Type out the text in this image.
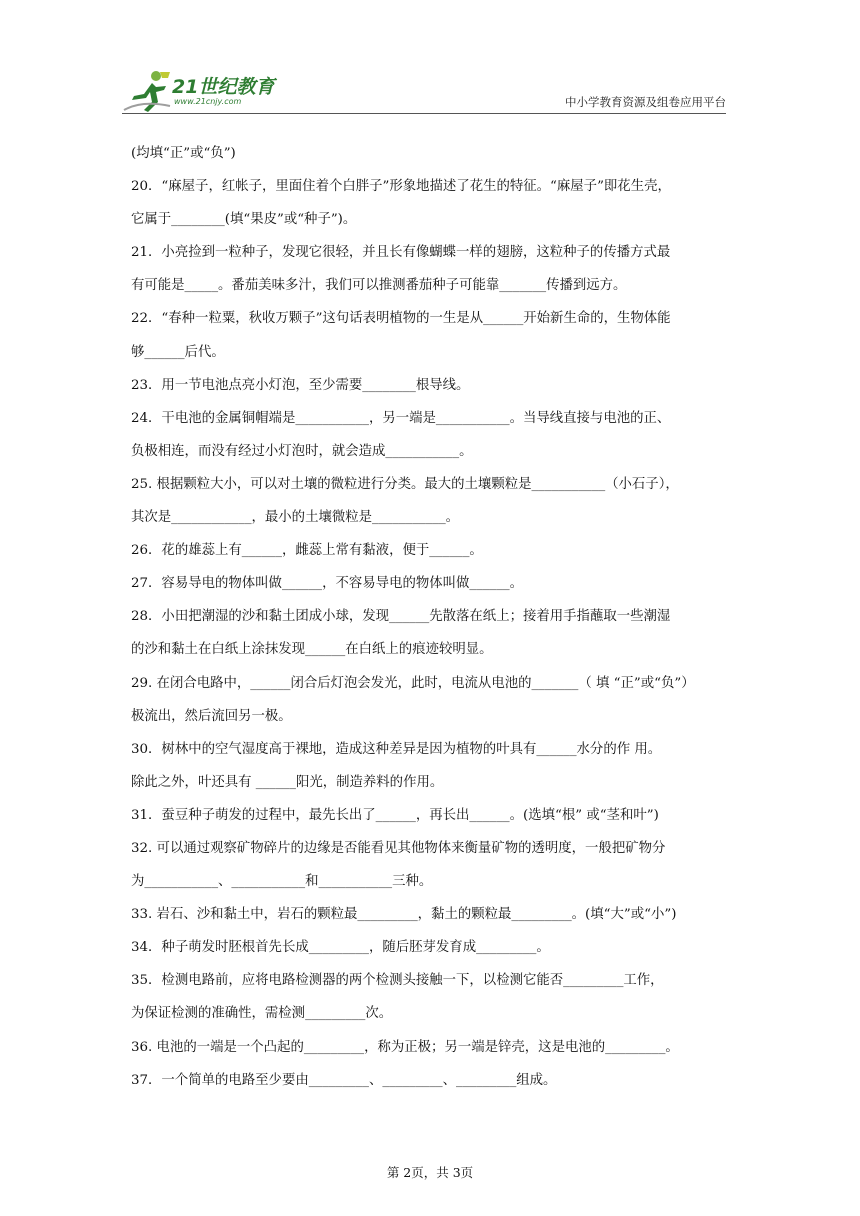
21世纪教育
www.21cnjy.com	中小学教育资源及组卷应用平台
(均填“正”或“负”)
20．“麻屋子，红帐子，里面住着个白胖子”形象地描述了花生的特征。“麻屋子”即花生壳，
它属于________(填“果皮”或“种子”)。
21．小亮捡到一粒种子，发现它很轻，并且长有像蝴蝶一样的翅膀，这粒种子的传播方式最
有可能是_____。番茄美味多汁，我们可以推测番茄种子可能靠_______传播到远方。
22．“春种一粒粟，秋收万颗子”这句话表明植物的一生是从______开始新生命的，生物体能
够______后代。
23．用一节电池点亮小灯泡，至少需要________根导线。
24．干电池的金属铜帽端是___________，另一端是___________。当导线直接与电池的正、
负极相连，而没有经过小灯泡时，就会造成___________。
25. 根据颗粒大小，可以对土壤的微粒进行分类。最大的土壤颗粒是___________（小石子），
其次是____________，最小的土壤微粒是___________。
26．花的雄蕊上有______，雌蕊上常有黏液，便于______。
27．容易导电的物体叫做______，不容易导电的物体叫做______。
28．小田把潮湿的沙和黏土团成小球，发现______先散落在纸上；接着用手指蘸取一些潮湿
的沙和黏土在白纸上涂抹发现______在白纸上的痕迹较明显。
29. 在闭合电路中，______闭合后灯泡会发光，此时，电流从电池的_______（ 填 “正”或“负”）
极流出，然后流回另一极。
30．树林中的空气湿度高于裸地，造成这种差异是因为植物的叶具有______水分的作 用。
除此之外，叶还具有 ______阳光，制造养料的作用。
31．蚕豆种子萌发的过程中，最先长出了______，再长出______。(选填“根” 或“茎和叶”)
32. 可以通过观察矿物碎片的边缘是否能看见其他物体来衡量矿物的透明度，一般把矿物分
为___________、___________和___________三种。
33. 岩石、沙和黏土中，岩石的颗粒最_________，黏土的颗粒最_________。(填“大”或“小”)
34．种子萌发时胚根首先长成_________，随后胚芽发育成_________。
35．检测电路前，应将电路检测器的两个检测头接触一下，以检测它能否_________工作，
为保证检测的准确性，需检测_________次。
36. 电池的一端是一个凸起的_________，称为正极；另一端是锌壳，这是电池的_________。
37．一个简单的电路至少要由_________、_________、_________组成。
第 2页，共 3页
